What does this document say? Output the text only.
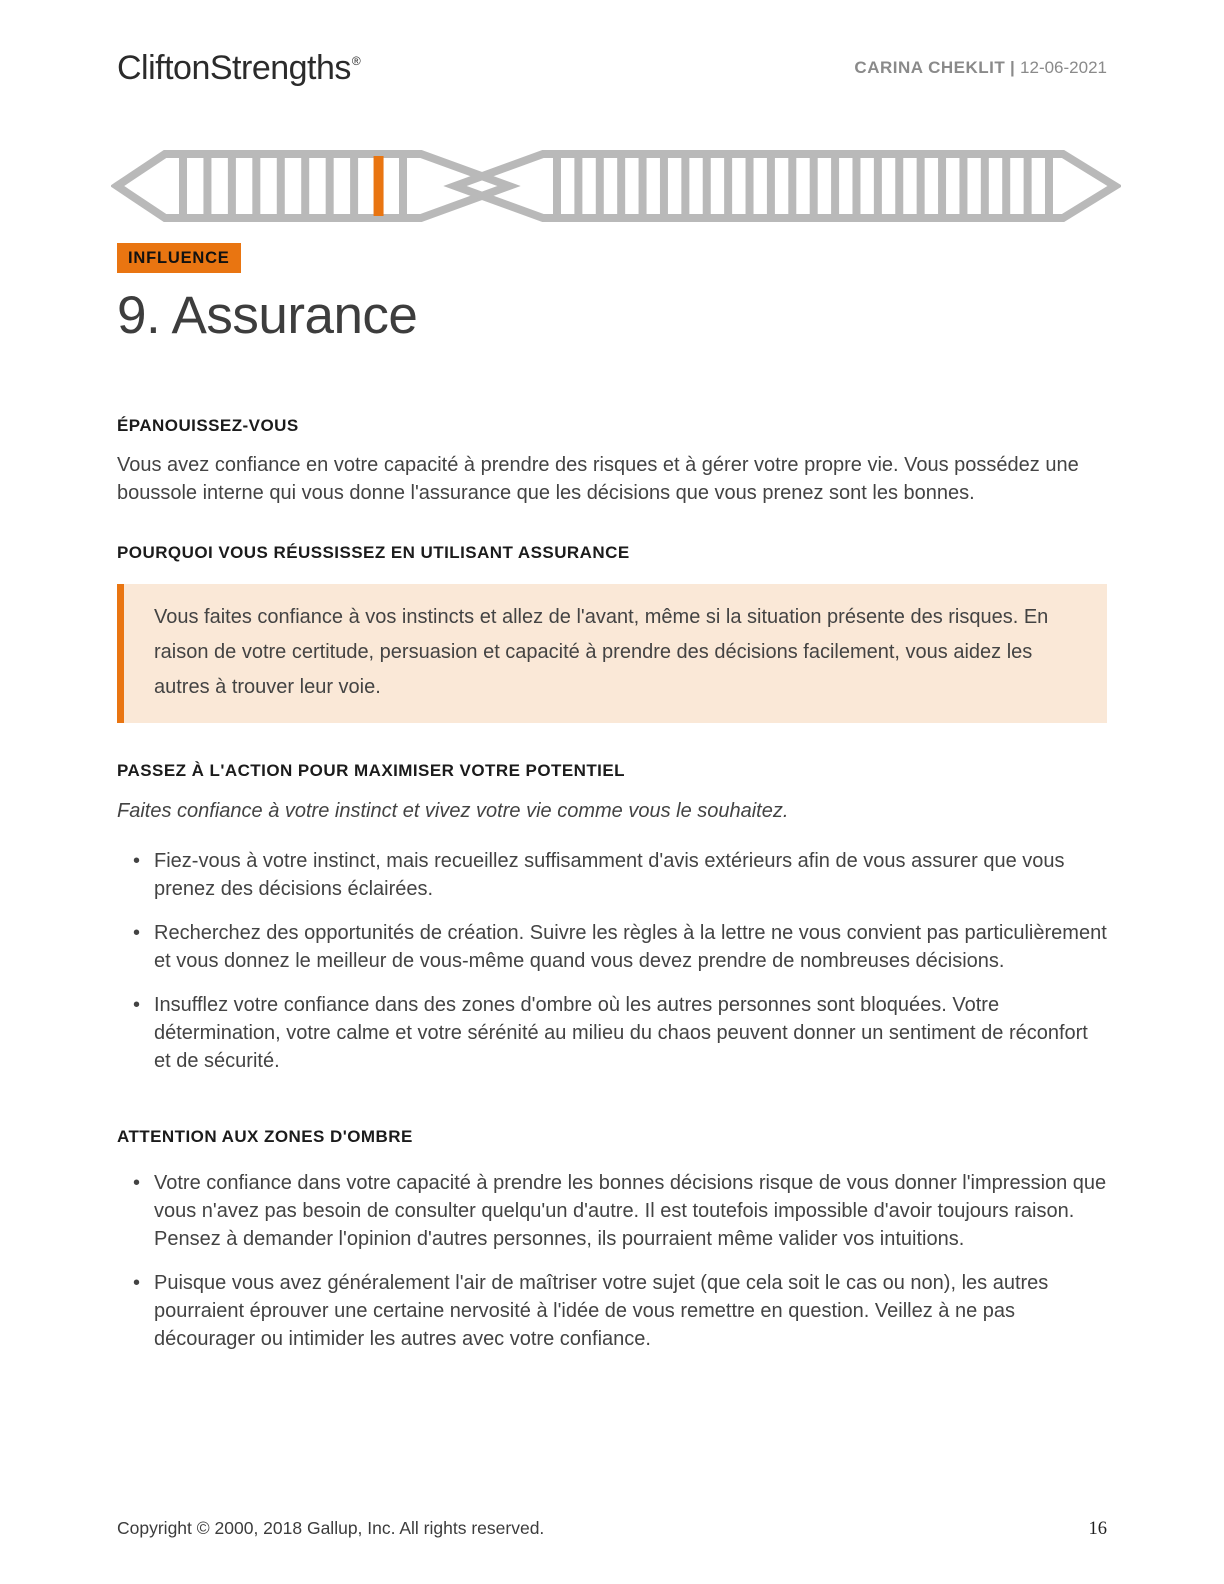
CliftonStrengths®	CARINA CHEKLIT | 12-06-2021
INFLUENCE
9. Assurance
ÉPANOUISSEZ-VOUS

Vous avez confiance en votre capacité à prendre des risques et à gérer votre propre vie. Vous possédez une boussole interne qui vous donne l'assurance que les décisions que vous prenez sont les bonnes.

POURQUOI VOUS RÉUSSISSEZ EN UTILISANT ASSURANCE
Vous faites confiance à vos instincts et allez de l'avant, même si la situation présente des risques. En raison de votre certitude, persuasion et capacité à prendre des décisions facilement, vous aidez les autres à trouver leur voie.
PASSEZ À L'ACTION POUR MAXIMISER VOTRE POTENTIEL

Faites confiance à votre instinct et vivez votre vie comme vous le souhaitez.

• Fiez-vous à votre instinct, mais recueillez suffisamment d'avis extérieurs afin de vous assurer que vous prenez des décisions éclairées.
• Recherchez des opportunités de création. Suivre les règles à la lettre ne vous convient pas particulièrement et vous donnez le meilleur de vous-même quand vous devez prendre de nombreuses décisions.
• Insufflez votre confiance dans des zones d'ombre où les autres personnes sont bloquées. Votre détermination, votre calme et votre sérénité au milieu du chaos peuvent donner un sentiment de réconfort et de sécurité.
ATTENTION AUX ZONES D'OMBRE
• Votre confiance dans votre capacité à prendre les bonnes décisions risque de vous donner l'impression que vous n'avez pas besoin de consulter quelqu'un d'autre. Il est toutefois impossible d'avoir toujours raison. Pensez à demander l'opinion d'autres personnes, ils pourraient même valider vos intuitions.
• Puisque vous avez généralement l'air de maîtriser votre sujet (que cela soit le cas ou non), les autres pourraient éprouver une certaine nervosité à l'idée de vous remettre en question. Veillez à ne pas décourager ou intimider les autres avec votre confiance.
Copyright © 2000, 2018 Gallup, Inc. All rights reserved.	16
